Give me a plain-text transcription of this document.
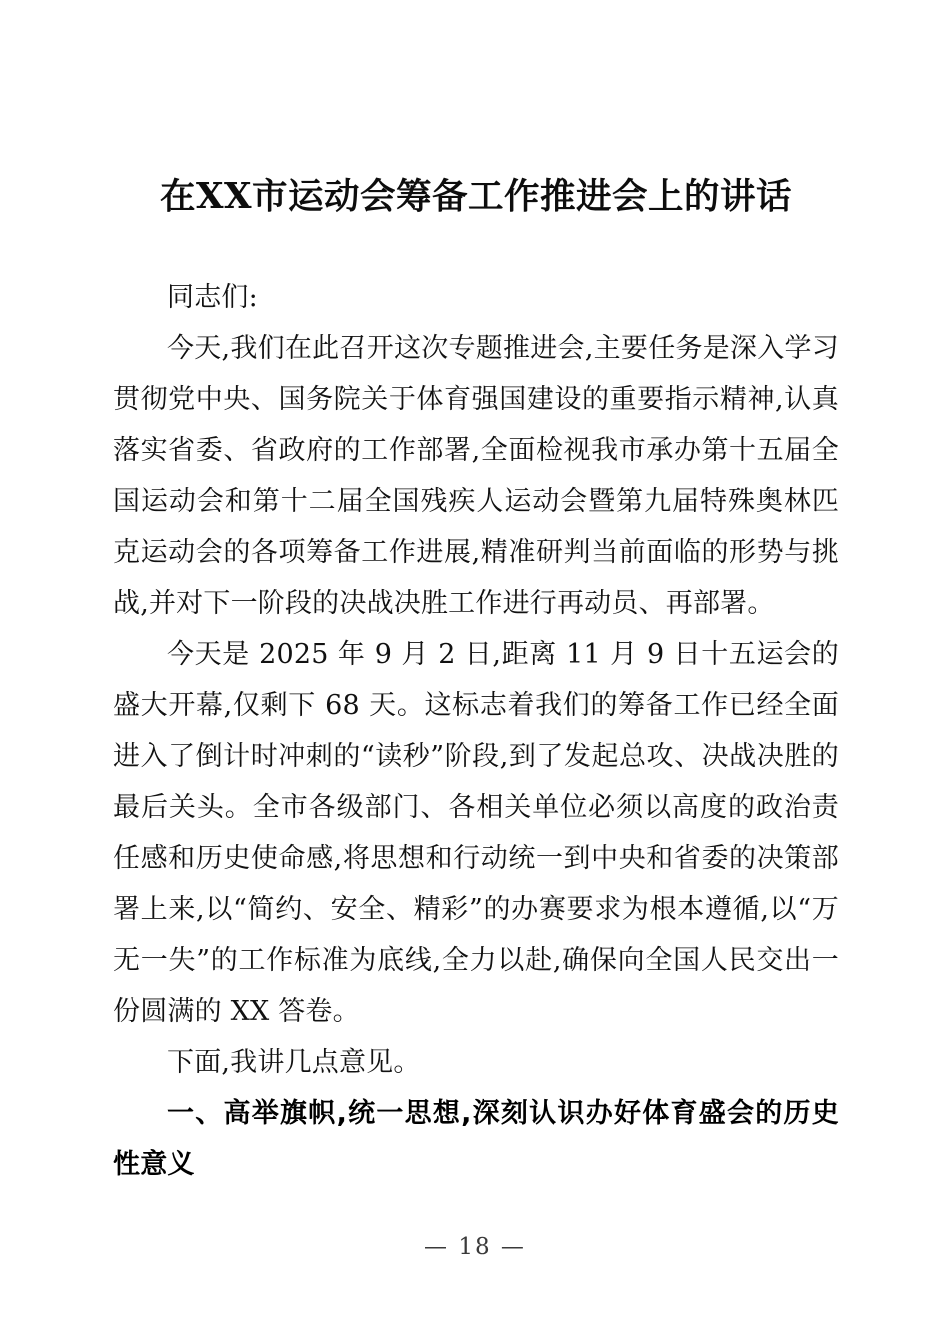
在XX市运动会筹备工作推进会上的讲话

同志们:

今天,我们在此召开这次专题推进会,主要任务是深入学习贯彻党中央、国务院关于体育强国建设的重要指示精神,认真落实省委、省政府的工作部署,全面检视我市承办第十五届全国运动会和第十二届全国残疾人运动会暨第九届特殊奥林匹克运动会的各项筹备工作进展,精准研判当前面临的形势与挑战,并对下一阶段的决战决胜工作进行再动员、再部署。

今天是 2025 年 9 月 2 日,距离 11 月 9 日十五运会的盛大开幕,仅剩下 68 天。这标志着我们的筹备工作已经全面进入了倒计时冲刺的“读秒”阶段,到了发起总攻、决战决胜的最后关头。全市各级部门、各相关单位必须以高度的政治责任感和历史使命感,将思想和行动统一到中央和省委的决策部署上来,以“简约、安全、精彩”的办赛要求为根本遵循,以“万无一失”的工作标准为底线,全力以赴,确保向全国人民交出一份圆满的 XX 答卷。

下面,我讲几点意见。

一、高举旗帜,统一思想,深刻认识办好体育盛会的历史性意义

— 18 —
